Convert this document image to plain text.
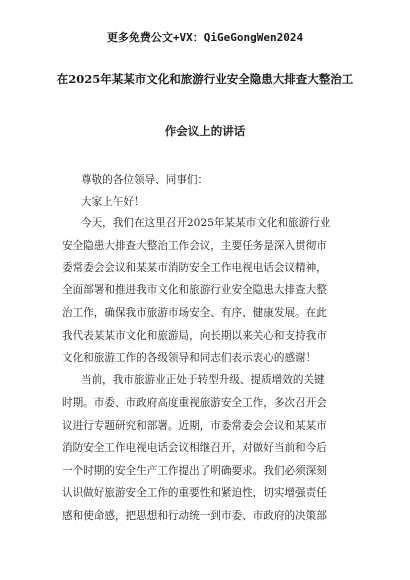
更多免费公文+VX：QiGeGongWen2024
在2025年某某市文化和旅游行业安全隐患大排查大整治工
作会议上的讲话
尊敬的各位领导、同事们：
大家上午好！
今天，我们在这里召开2025年某某市文化和旅游行业
安全隐患大排查大整治工作会议，主要任务是深入贯彻市
委常委会会议和某某市消防安全工作电视电话会议精神，
全面部署和推进我市文化和旅游行业安全隐患大排查大整
治工作，确保我市旅游市场安全、有序、健康发展。在此
我代表某某市文化和旅游局，向长期以来关心和支持我市
文化和旅游工作的各级领导和同志们表示衷心的感谢！
当前，我市旅游业正处于转型升级、提质增效的关键
时期。市委、市政府高度重视旅游安全工作，多次召开会
议进行专题研究和部署。近期，市委常委会会议和某某市
消防安全工作电视电话会议相继召开，对做好当前和今后
一个时期的安全生产工作提出了明确要求。我们必须深刻
认识做好旅游安全工作的重要性和紧迫性，切实增强责任
感和使命感，把思想和行动统一到市委、市政府的决策部
